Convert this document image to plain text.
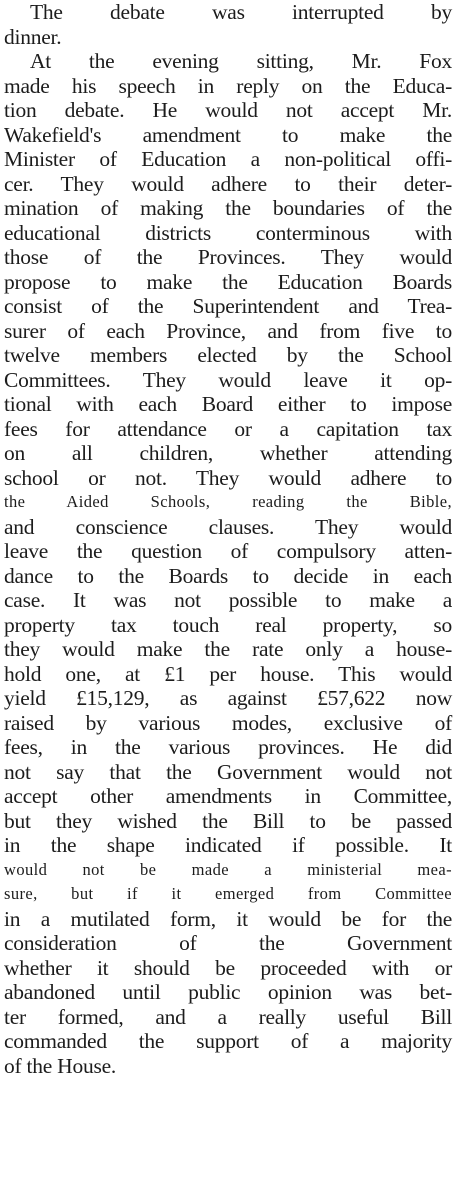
The debate was interrupted by
dinner.
At the evening sitting, Mr. Fox
made his speech in reply on the Educa-
tion debate. He would not accept Mr.
Wakefield's amendment to make the
Minister of Education a non-political offi-
cer. They would adhere to their deter-
mination of making the boundaries of the
educational districts conterminous with
those of the Provinces. They would
propose to make the Education Boards
consist of the Superintendent and Trea-
surer of each Province, and from five to
twelve members elected by the School
Committees. They would leave it op-
tional with each Board either to impose
fees for attendance or a capitation tax
on all children, whether attending
school or not. They would adhere to
the Aided Schools, reading the Bible,
and conscience clauses. They would
leave the question of compulsory atten-
dance to the Boards to decide in each
case. It was not possible to make a
property tax touch real property, so
they would make the rate only a house-
hold one, at £1 per house. This would
yield £15,129, as against £57,622 now
raised by various modes, exclusive of
fees, in the various provinces. He did
not say that the Government would not
accept other amendments in Committee,
but they wished the Bill to be passed
in the shape indicated if possible. It
would not be made a ministerial mea-
sure, but if it emerged from Committee
in a mutilated form, it would be for the
consideration of the Government
whether it should be proceeded with or
abandoned until public opinion was bet-
ter formed, and a really useful Bill
commanded the support of a majority
of the House.
